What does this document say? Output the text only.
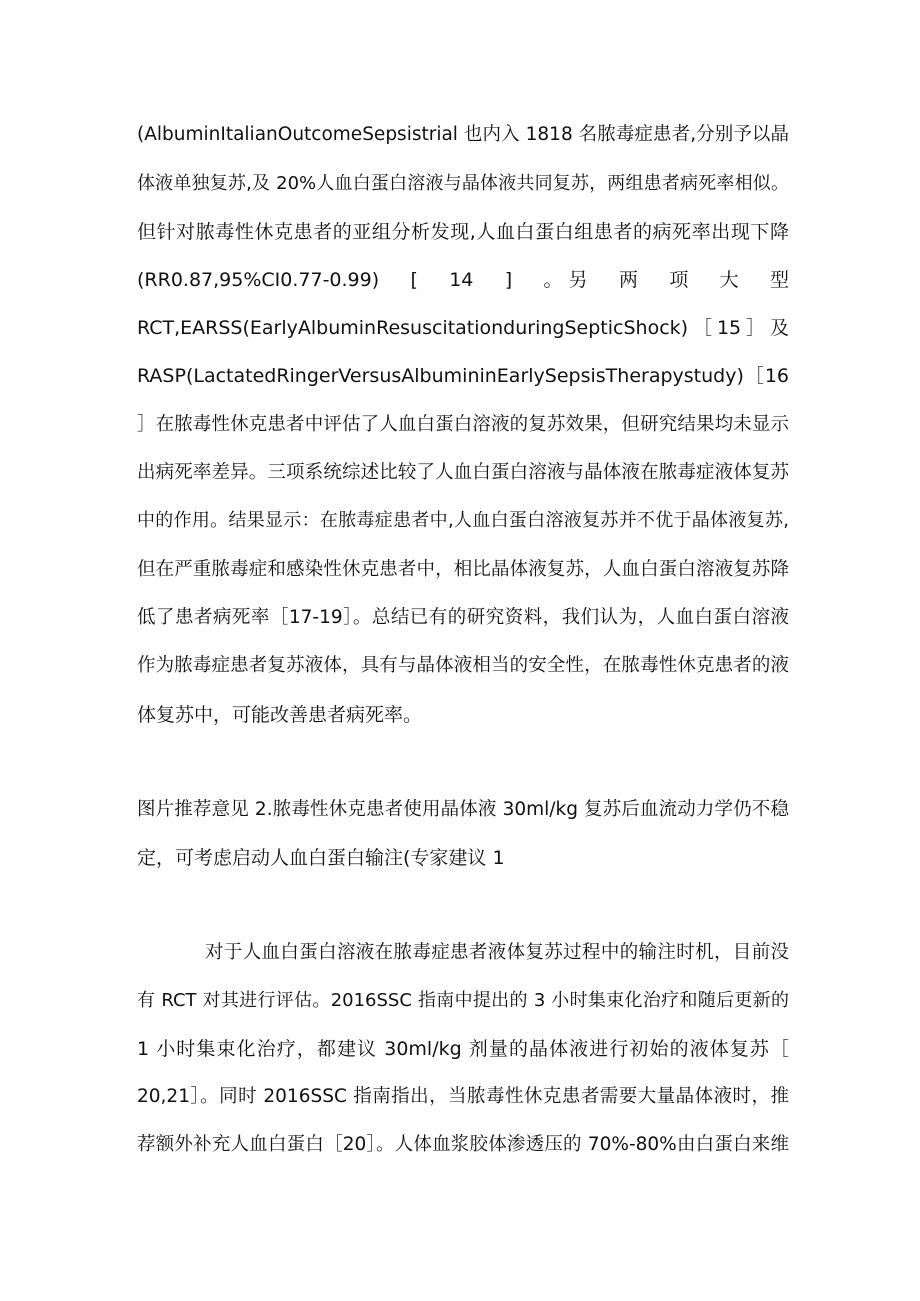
(AlbuminItalianOutcomeSepsistrial 也内入 1818 名脓毒症患者,分别予以晶
体液单独复苏,及 20%人血白蛋白溶液与晶体液共同复苏，两组患者病死率相似。
但针对脓毒性休克患者的亚组分析发现,人血白蛋白组患者的病死率出现下降
(RR0.87,95%CI0.77-0.99)　[　14　]　。另　两　项　大　型
RCT,EARSS(EarlyAlbuminResuscitationduringSepticShock)［15］及
RASP(LactatedRingerVersusAlbumininEarlySepsisTherapystudy)［16
］在脓毒性休克患者中评估了人血白蛋白溶液的复苏效果，但研究结果均未显示
出病死率差异。三项系统综述比较了人血白蛋白溶液与晶体液在脓毒症液体复苏
中的作用。结果显示：在脓毒症患者中,人血白蛋白溶液复苏并不优于晶体液复苏,
但在严重脓毒症和感染性休克患者中，相比晶体液复苏，人血白蛋白溶液复苏降
低了患者病死率［17-19］。总结已有的研究资料，我们认为，人血白蛋白溶液
作为脓毒症患者复苏液体，具有与晶体液相当的安全性，在脓毒性休克患者的液
体复苏中，可能改善患者病死率。
图片推荐意见 2.脓毒性休克患者使用晶体液 30ml/kg 复苏后血流动力学仍不稳
定，可考虑启动人血白蛋白输注(专家建议 1
对于人血白蛋白溶液在脓毒症患者液体复苏过程中的输注时机，目前没
有 RCT 对其进行评估。2016SSC 指南中提出的 3 小时集束化治疗和随后更新的
1 小时集束化治疗，都建议 30ml/kg 剂量的晶体液进行初始的液体复苏［
20,21］。同时 2016SSC 指南指出，当脓毒性休克患者需要大量晶体液时，推
荐额外补充人血白蛋白［20］。人体血浆胶体渗透压的 70%-80%由白蛋白来维
